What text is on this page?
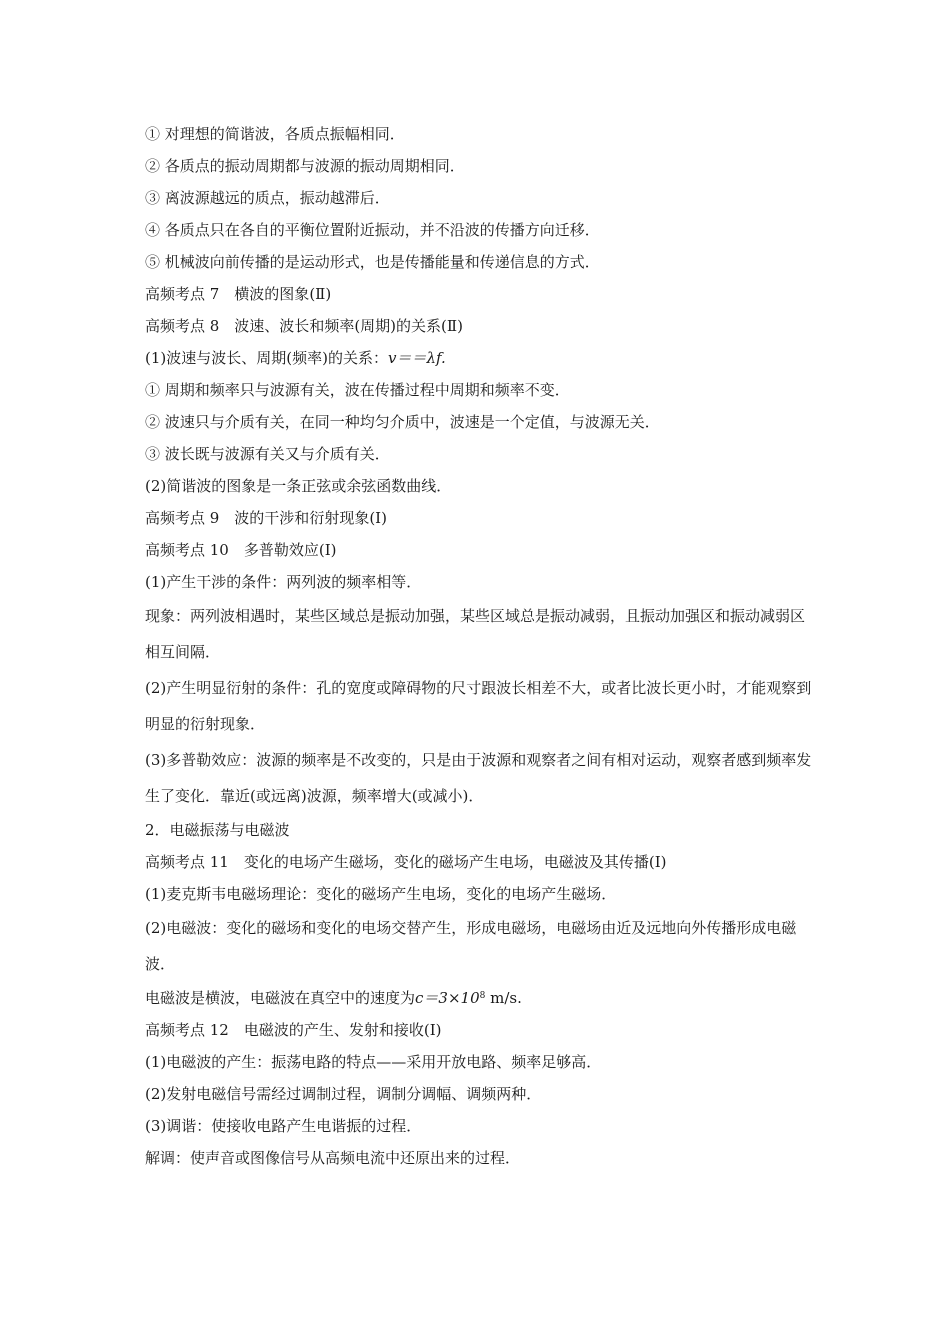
① 对理想的简谐波，各质点振幅相同．
② 各质点的振动周期都与波源的振动周期相同．
③ 离波源越远的质点，振动越滞后．
④ 各质点只在各自的平衡位置附近振动，并不沿波的传播方向迁移．
⑤ 机械波向前传播的是运动形式，也是传播能量和传递信息的方式．
高频考点 7　横波的图象(Ⅱ)
高频考点 8　波速、波长和频率(周期)的关系(Ⅱ)
(1)波速与波长、周期(频率)的关系：v＝＝λf.
① 周期和频率只与波源有关，波在传播过程中周期和频率不变．
② 波速只与介质有关，在同一种均匀介质中，波速是一个定值，与波源无关．
③ 波长既与波源有关又与介质有关．
(2)简谐波的图象是一条正弦或余弦函数曲线．
高频考点 9　波的干涉和衍射现象(Ⅰ)
高频考点 10　多普勒效应(Ⅰ)
(1)产生干涉的条件：两列波的频率相等．
现象：两列波相遇时，某些区域总是振动加强，某些区域总是振动减弱，且振动加强区和振动减弱区相互间隔．
(2)产生明显衍射的条件：孔的宽度或障碍物的尺寸跟波长相差不大，或者比波长更小时，才能观察到明显的衍射现象．
(3)多普勒效应：波源的频率是不改变的，只是由于波源和观察者之间有相对运动，观察者感到频率发生了变化．靠近(或远离)波源，频率增大(或减小)．
2．电磁振荡与电磁波
高频考点 11　变化的电场产生磁场，变化的磁场产生电场，电磁波及其传播(Ⅰ)
(1)麦克斯韦电磁场理论：变化的磁场产生电场，变化的电场产生磁场．
(2)电磁波：变化的磁场和变化的电场交替产生，形成电磁场，电磁场由近及远地向外传播形成电磁波．
电磁波是横波，电磁波在真空中的速度为$c=3\times 10^8$ m/s.
高频考点 12　电磁波的产生、发射和接收(Ⅰ)
(1)电磁波的产生：振荡电路的特点——采用开放电路、频率足够高．
(2)发射电磁信号需经过调制过程，调制分调幅、调频两种．
(3)调谐：使接收电路产生电谐振的过程．
解调：使声音或图像信号从高频电流中还原出来的过程．
